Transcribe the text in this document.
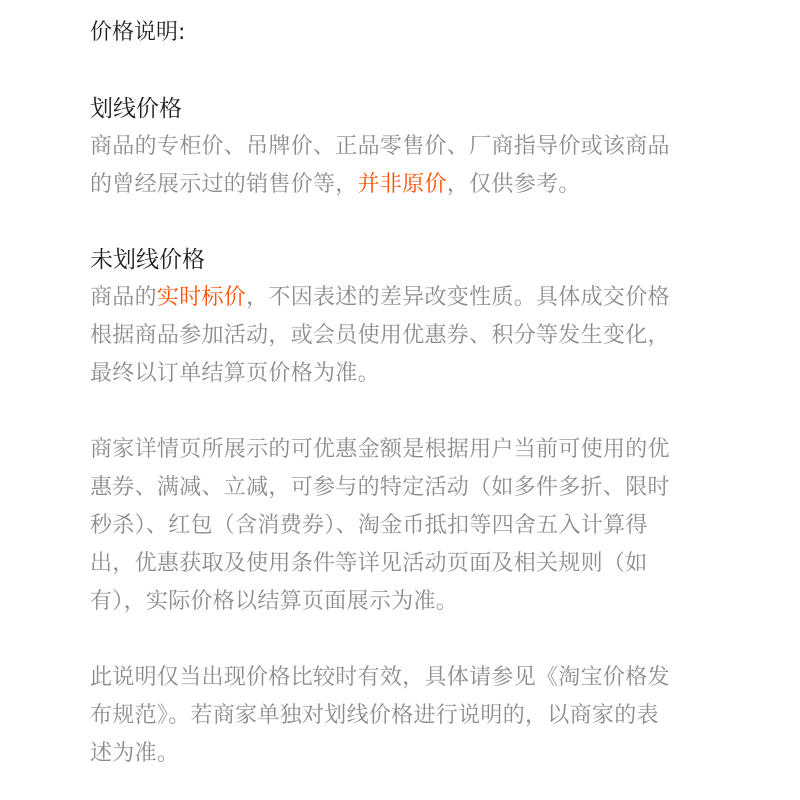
价格说明:
划线价格
商品的专柜价、吊牌价、正品零售价、厂商指导价或该商品
的曾经展示过的销售价等，并非原价，仅供参考。
未划线价格
商品的实时标价，不因表述的差异改变性质。具体成交价格
根据商品参加活动，或会员使用优惠券、积分等发生变化，
最终以订单结算页价格为准。
商家详情页所展示的可优惠金额是根据用户当前可使用的优
惠券、满减、立减，可参与的特定活动（如多件多折、限时
秒杀）、红包（含消费券）、淘金币抵扣等四舍五入计算得
出，优惠获取及使用条件等详见活动页面及相关规则（如
有），实际价格以结算页面展示为准。
此说明仅当出现价格比较时有效，具体请参见《淘宝价格发
布规范》。若商家单独对划线价格进行说明的，以商家的表
述为准。
